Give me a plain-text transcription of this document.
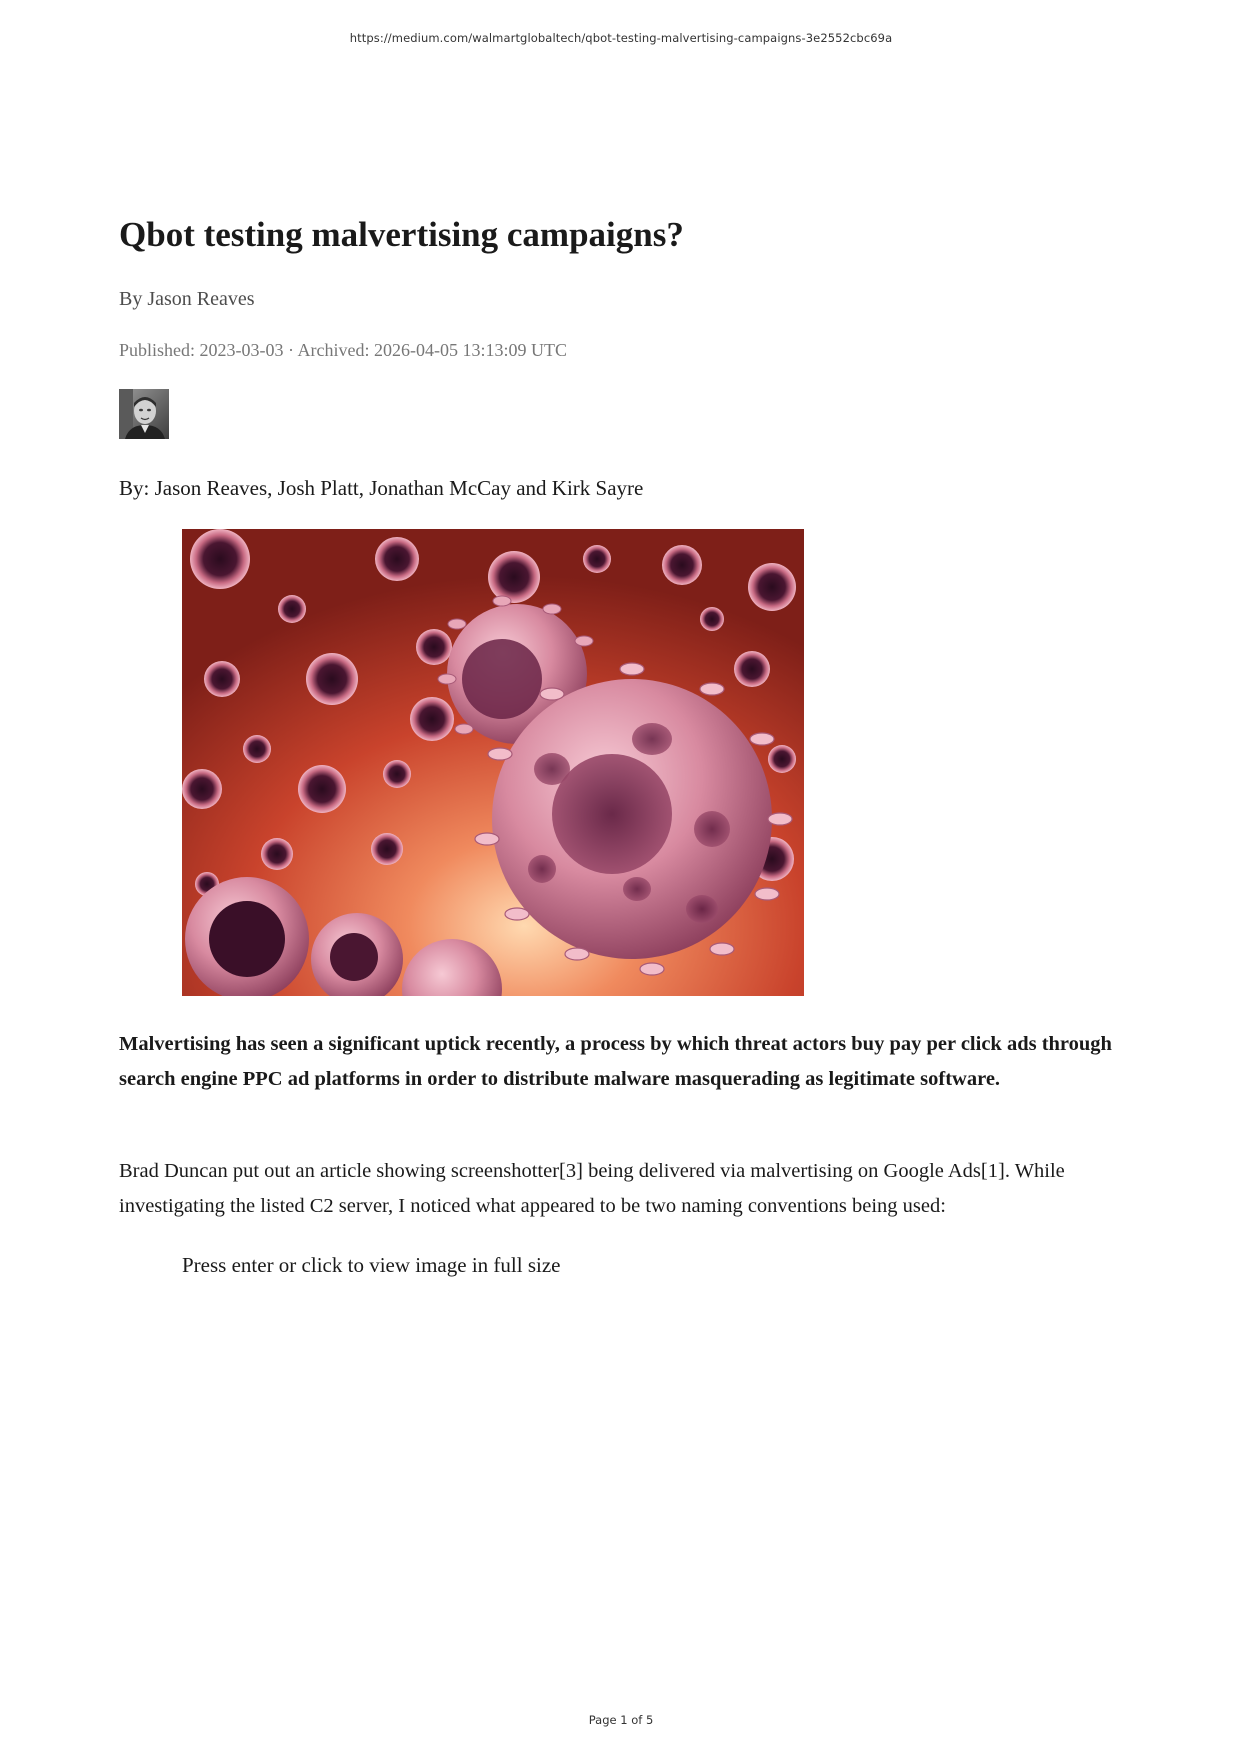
https://medium.com/walmartglobaltech/qbot-testing-malvertising-campaigns-3e2552cbc69a
Qbot testing malvertising campaigns?
By Jason Reaves
Published: 2023-03-03 · Archived: 2026-04-05 13:13:09 UTC
By: Jason Reaves, Josh Platt, Jonathan McCay and Kirk Sayre

Malvertising has seen a significant uptick recently, a process by which threat actors buy pay per click ads through search engine PPC ad platforms in order to distribute malware masquerading as legitimate software.

Brad Duncan put out an article showing screenshotter[3] being delivered via malvertising on Google Ads[1]. While investigating the listed C2 server, I noticed what appeared to be two naming conventions being used:

Press enter or click to view image in full size
Page 1 of 5
